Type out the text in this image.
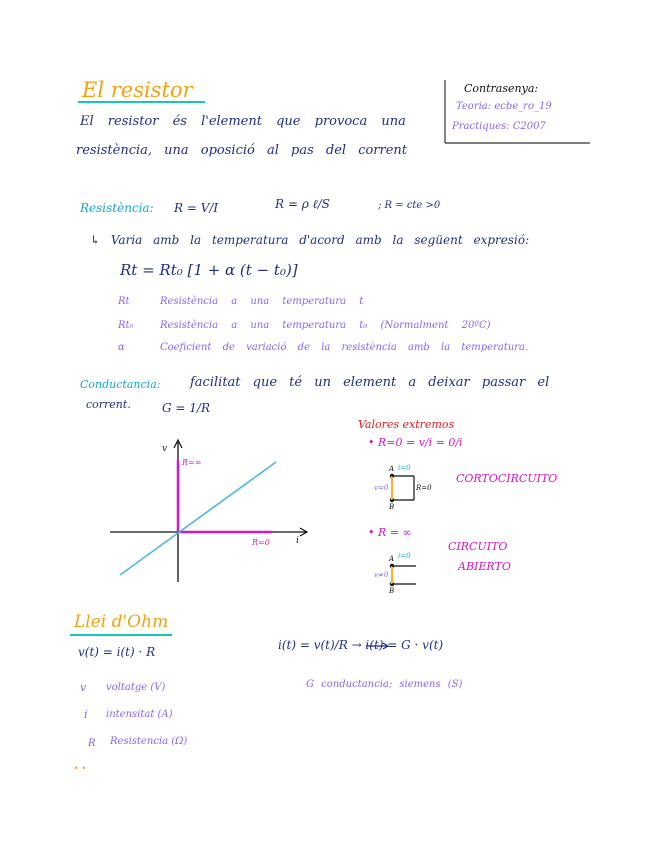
El resistor	Contrasenya:
Teoria: ecbe_ro_19
Practiques: C2007
El resistor és l'element que provoca una
resistència, una oposició al pas del corrent
Resistència: R = V/I	R = ρ ℓ/S	; R = cte >0
↳ Varia amb la temperatura d'acord amb la següent expresió:
Rt = Rt₀ [1 + α (t − t₀)]
Rt	Resistència a una temperatura t
Rt₀	Resistència a una temperatura t₀ (Normalment 20ºC)
α	Coeficient de variació de la resistència amb la temperatura.
Conductancia: facilitat que té un element a deixar passar el
corrent.	G = 1/R
v
i
R=∞
R=0
Valores extremos
• R=0 = v/i = 0/i
A i=0
v=0	R=0
B
CORTOCIRCUITO
• R = ∞
A i=0
v≠0
B
CIRCUITO
ABIERTO
Llei d'Ohm
v(t) = i(t) · R	i(t) = v(t)/R → i(t) = G · v(t)
G conductancia; siemens (S)
v voltatge (V)
i intensitat (A)
R Resistencia (Ω)
• •
